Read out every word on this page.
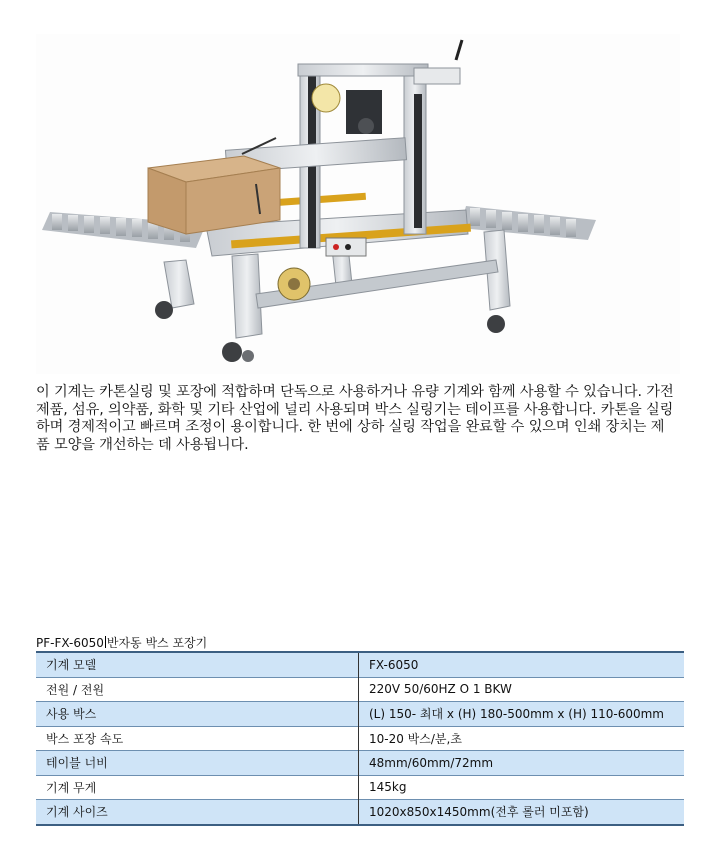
이 기계는 카톤실링 및 포장에 적합하며 단독으로 사용하거나 유량 기계와 함께 사용할 수 있습니다. 가전제품, 섬유, 의약품, 화학 및 기타 산업에 널리 사용되며 박스 실링기는 테이프를 사용합니다. 카톤을 실링 하며 경제적이고 빠르며 조정이 용이합니다. 한 번에 상하 실링 작업을 완료할 수 있으며 인쇄 장치는 제품 모양을 개선하는 데 사용됩니다.

PF-FX-6050 반자동 박스 포장기
기계 모델	FX-6050
전원 / 전원	220V 50/60HZ O 1 BKW
사용 박스	(L) 150- 최대 x (H) 180-500mm x (H) 110-600mm
박스 포장 속도	10-20 박스/분,초
테이블 너비	48mm/60mm/72mm
기계 무게	145kg
기계 사이즈	1020x850x1450mm(전후 롤러 미포함)
